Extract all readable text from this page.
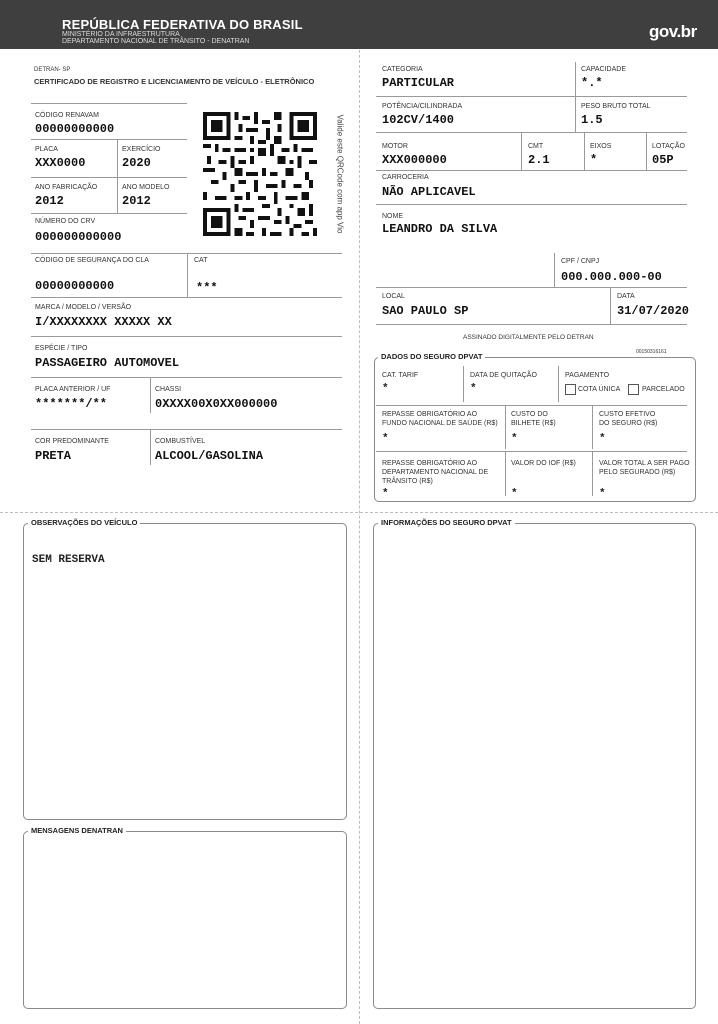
REPÚBLICA FEDERATIVA DO BRASIL
MINISTÉRIO DA INFRAESTRUTURA
DEPARTAMENTO NACIONAL DE TRÂNSITO - DENATRAN
gov.br
DETRAN- SP
CERTIFICADO DE REGISTRO E LICENCIAMENTO DE VEÍCULO - ELETRÔNICO
CÓDIGO RENAVAM
00000000000
PLACA
XXX0000
EXERCÍCIO
2020
ANO FABRICAÇÃO
2012
ANO MODELO
2012
NÚMERO DO CRV
000000000000
Valide este QRCode com app Vio
CÓDIGO DE SEGURANÇA DO CLA
00000000000
CAT
***
MARCA / MODELO / VERSÃO
I/XXXXXXXX XXXXX XX
ESPÉCIE / TIPO
PASSAGEIRO AUTOMOVEL
PLACA ANTERIOR / UF
*******/**
CHASSI
0XXXX00X0XX000000
COR PREDOMINANTE
PRETA
COMBUSTÍVEL
ALCOOL/GASOLINA
CATEGORIA
PARTICULAR
CAPACIDADE
*.*
POTÊNCIA/CILINDRADA
102CV/1400
PESO BRUTO TOTAL
1.5
MOTOR
XXX000000
CMT
2.1
EIXOS
*
LOTAÇÃO
05P
CARROCERIA
NÃO APLICAVEL
NOME
LEANDRO DA SILVA
CPF / CNPJ
000.000.000-00
LOCAL
SAO PAULO SP
DATA
31/07/2020
ASSINADO DIGITALMENTE PELO DETRAN
00150316161
DADOS DO SEGURO DPVAT
CAT. TARIF
*
DATA DE QUITAÇÃO
*
PAGAMENTO
COTA ÚNICA	PARCELADO
REPASSE OBRIGATÓRIO AO
FUNDO NACIONAL DE SAÚDE (R$)
*
CUSTO DO
BILHETE (R$)
*
CUSTO EFETIVO
DO SEGURO (R$)
*
REPASSE OBRIGATÓRIO AO
DEPARTAMENTO NACIONAL DE
TRÂNSITO (R$)
*
VALOR DO IOF (R$)
*
VALOR TOTAL A SER PAGO
PELO SEGURADO (R$)
*
OBSERVAÇÕES DO VEÍCULO
SEM RESERVA
MENSAGENS DENATRAN
INFORMAÇÕES DO SEGURO DPVAT
